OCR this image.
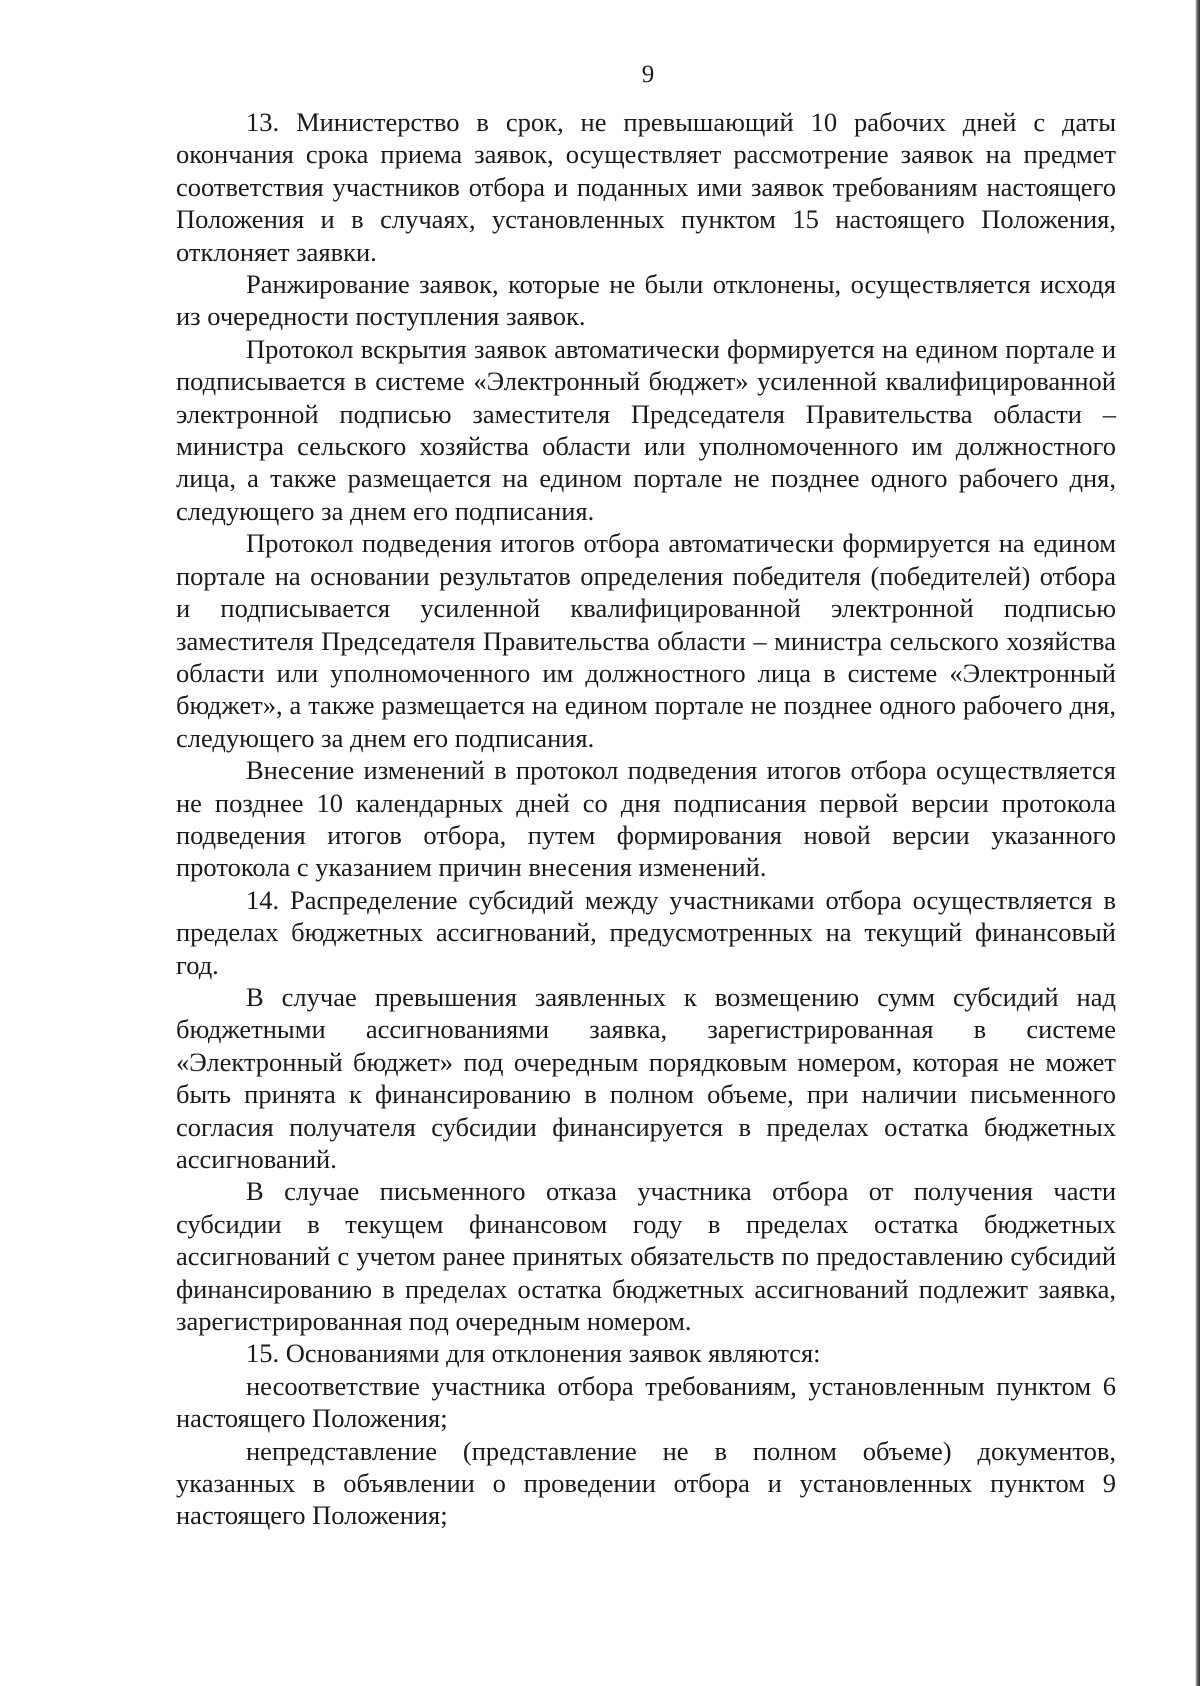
9

13. Министерство в срок, не превышающий 10 рабочих дней с даты окончания срока приема заявок, осуществляет рассмотрение заявок на предмет соответствия участников отбора и поданных ими заявок требованиям настоящего Положения и в случаях, установленных пунктом 15 настоящего Положения, отклоняет заявки.

Ранжирование заявок, которые не были отклонены, осуществляется исходя из очередности поступления заявок.

Протокол вскрытия заявок автоматически формируется на едином портале и подписывается в системе «Электронный бюджет» усиленной квалифицированной электронной подписью заместителя Председателя Правительства области – министра сельского хозяйства области или уполномоченного им должностного лица, а также размещается на едином портале не позднее одного рабочего дня, следующего за днем его подписания.

Протокол подведения итогов отбора автоматически формируется на едином портале на основании результатов определения победителя (победителей) отбора и подписывается усиленной квалифицированной электронной подписью заместителя Председателя Правительства области – министра сельского хозяйства области или уполномоченного им должностного лица в системе «Электронный бюджет», а также размещается на едином портале не позднее одного рабочего дня, следующего за днем его подписания.

Внесение изменений в протокол подведения итогов отбора осуществляется не позднее 10 календарных дней со дня подписания первой версии протокола подведения итогов отбора, путем формирования новой версии указанного протокола с указанием причин внесения изменений.

14. Распределение субсидий между участниками отбора осуществляется в пределах бюджетных ассигнований, предусмотренных на текущий финансовый год.

В случае превышения заявленных к возмещению сумм субсидий над бюджетными ассигнованиями заявка, зарегистрированная в системе «Электронный бюджет» под очередным порядковым номером, которая не может быть принята к финансированию в полном объеме, при наличии письменного согласия получателя субсидии финансируется в пределах остатка бюджетных ассигнований.

В случае письменного отказа участника отбора от получения части субсидии в текущем финансовом году в пределах остатка бюджетных ассигнований с учетом ранее принятых обязательств по предоставлению субсидий финансированию в пределах остатка бюджетных ассигнований подлежит заявка, зарегистрированная под очередным номером.

15. Основаниями для отклонения заявок являются:

несоответствие участника отбора требованиям, установленным пунктом 6 настоящего Положения;

непредставление (представление не в полном объеме) документов, указанных в объявлении о проведении отбора и установленных пунктом 9 настоящего Положения;
